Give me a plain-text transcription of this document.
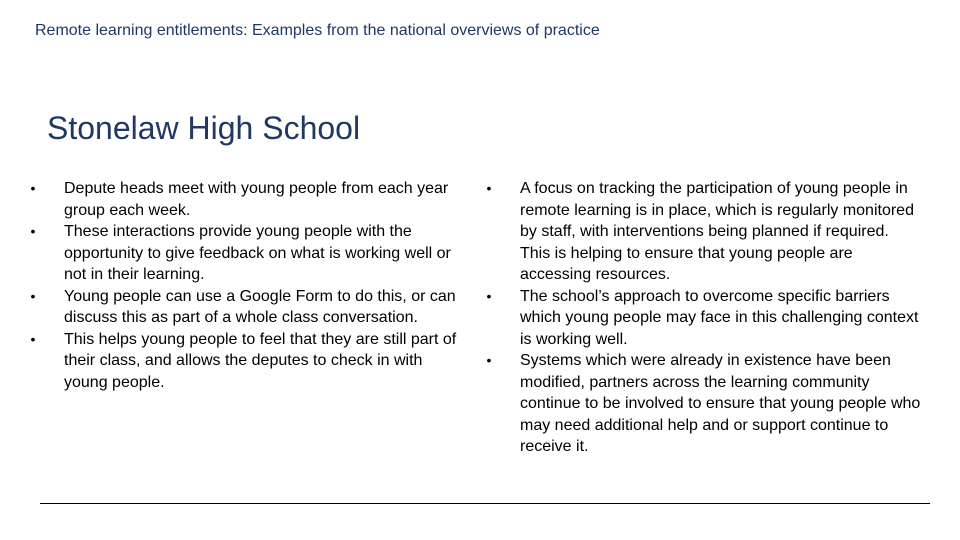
Remote learning entitlements: Examples from the national overviews of practice
Stonelaw High School
• Depute heads meet with young people from each year group each week.
• These interactions provide young people with the opportunity to give feedback on what is working well or not in their learning.
• Young people can use a Google Form to do this, or can discuss this as part of a whole class conversation.
• This helps young people to feel that they are still part of their class, and allows the deputes to check in with young people.
• A focus on tracking the participation of young people in remote learning is in place, which is regularly monitored by staff, with interventions being planned if required. This is helping to ensure that young people are accessing resources.
• The school’s approach to overcome specific barriers which young people may face in this challenging context is working well.
• Systems which were already in existence have been modified, partners across the learning community continue to be involved to ensure that young people who may need additional help and or support continue to receive it.
